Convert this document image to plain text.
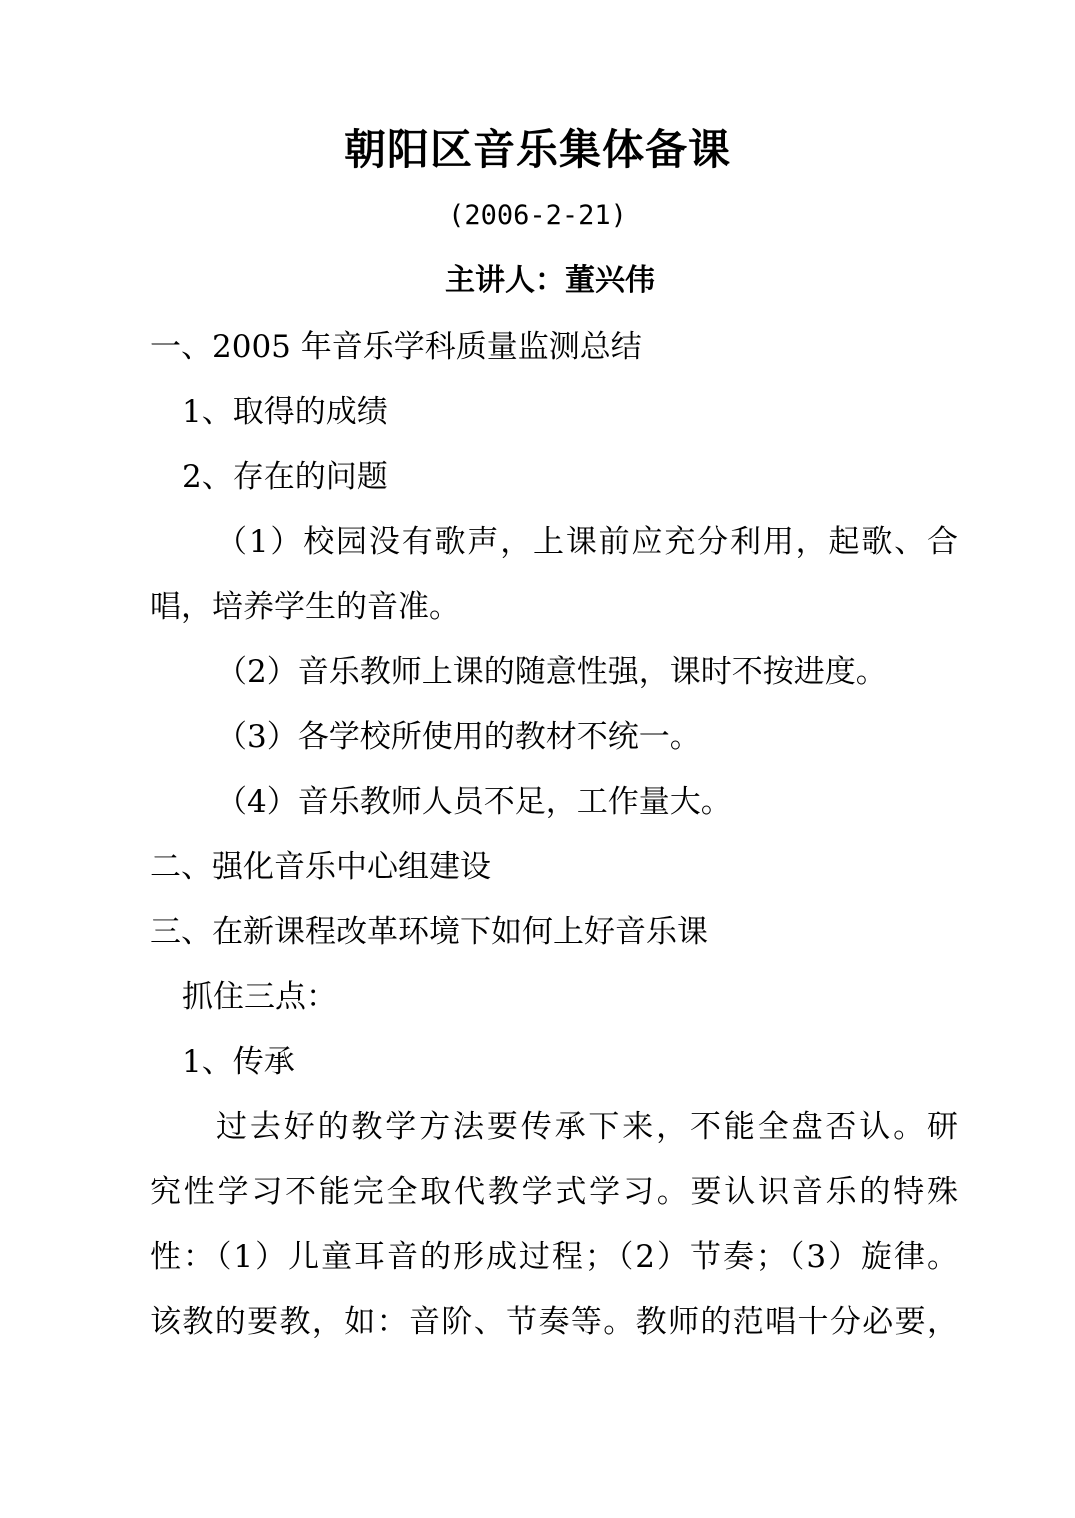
朝阳区音乐集体备课
(2006-2-21)
主讲人：董兴伟

一、2005 年音乐学科质量监测总结

1、取得的成绩

2、存在的问题

（1）校园没有歌声，上课前应充分利用，起歌、合

唱，培养学生的音准。

（2）音乐教师上课的随意性强，课时不按进度。

（3）各学校所使用的教材不统一。

（4）音乐教师人员不足，工作量大。

二、强化音乐中心组建设

三、在新课程改革环境下如何上好音乐课

抓住三点：

1、传承

过去好的教学方法要传承下来，不能全盘否认。研

究性学习不能完全取代教学式学习。要认识音乐的特殊

性：（1）儿童耳音的形成过程；（2）节奏；（3）旋律。

该教的要教，如：音阶、节奏等。教师的范唱十分必要，
